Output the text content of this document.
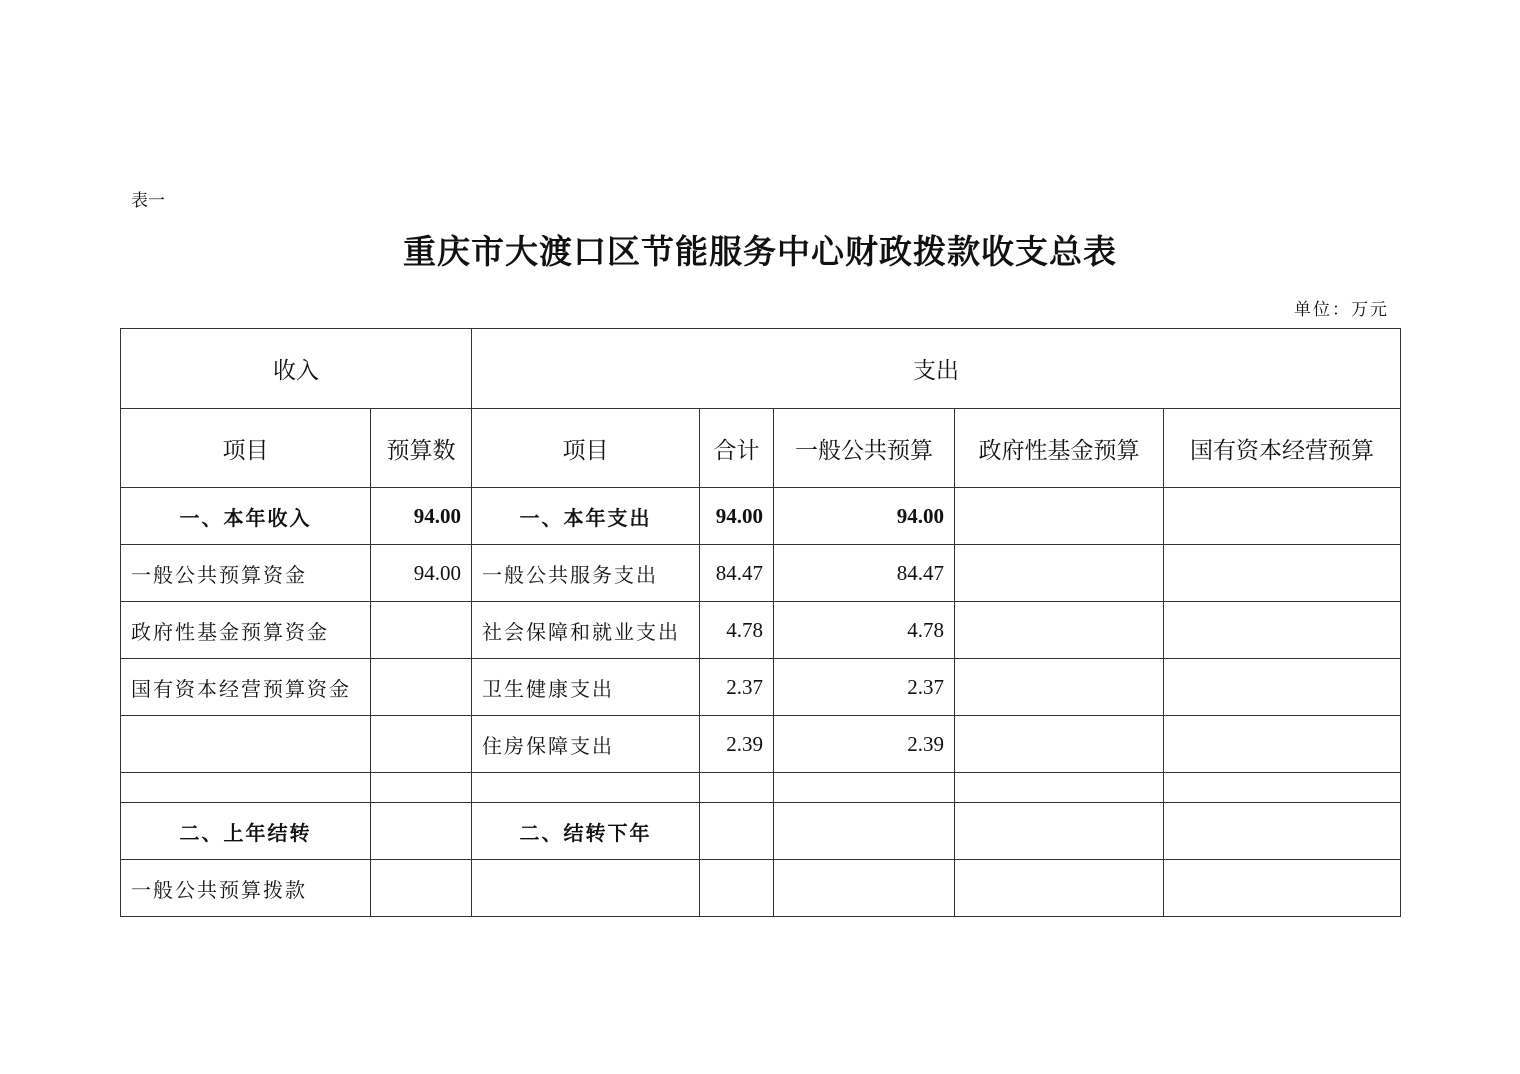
表一
重庆市大渡口区节能服务中心财政拨款收支总表
单位：万元
收入		支出				
项目	预算数	项目	合计	一般公共预算	政府性基金预算	国有资本经营预算
一、本年收入	94.00	一、本年支出	94.00	94.00		
一般公共预算资金	94.00	一般公共服务支出	84.47	84.47		
政府性基金预算资金		社会保障和就业支出	4.78	4.78		
国有资本经营预算资金		卫生健康支出	2.37	2.37		
		住房保障支出	2.39	2.39		

二、上年结转		二、结转下年				
一般公共预算拨款						
